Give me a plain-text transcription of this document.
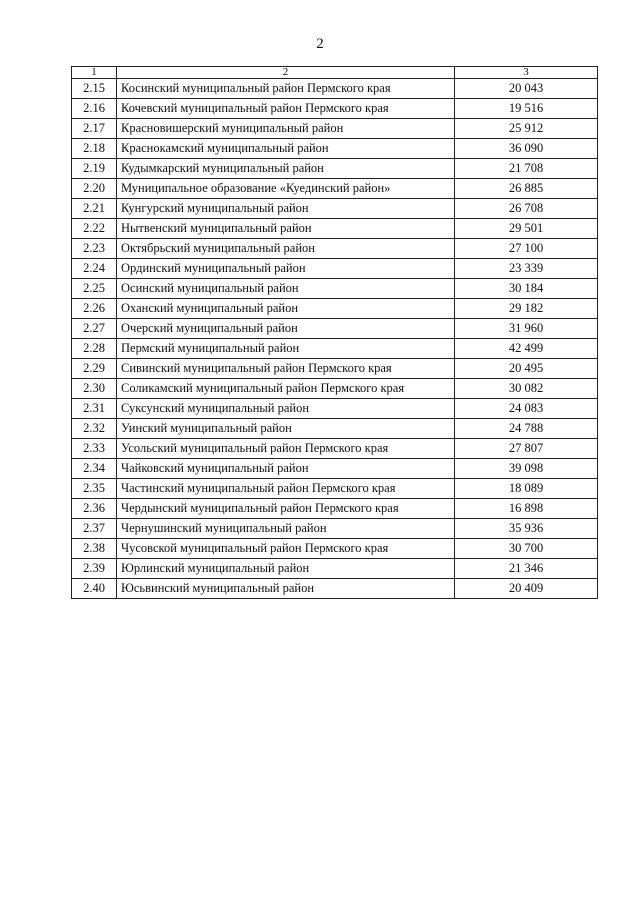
2
1	2	3
2.15	Косинский муниципальный район Пермского края	20 043
2.16	Кочевский муниципальный район Пермского края	19 516
2.17	Красновишерский муниципальный район	25 912
2.18	Краснокамский муниципальный район	36 090
2.19	Кудымкарский муниципальный район	21 708
2.20	Муниципальное образование «Куединский район»	26 885
2.21	Кунгурский муниципальный район	26 708
2.22	Нытвенский муниципальный район	29 501
2.23	Октябрьский муниципальный район	27 100
2.24	Ординский муниципальный район	23 339
2.25	Осинский муниципальный район	30 184
2.26	Оханский муниципальный район	29 182
2.27	Очерский муниципальный район	31 960
2.28	Пермский муниципальный район	42 499
2.29	Сивинский муниципальный район Пермского края	20 495
2.30	Соликамский муниципальный район Пермского края	30 082
2.31	Суксунский муниципальный район	24 083
2.32	Уинский муниципальный район	24 788
2.33	Усольский муниципальный район Пермского края	27 807
2.34	Чайковский муниципальный район	39 098
2.35	Частинский муниципальный район Пермского края	18 089
2.36	Чердынский муниципальный район Пермского края	16 898
2.37	Чернушинский муниципальный район	35 936
2.38	Чусовской муниципальный район Пермского края	30 700
2.39	Юрлинский муниципальный район	21 346
2.40	Юсьвинский муниципальный район	20 409
